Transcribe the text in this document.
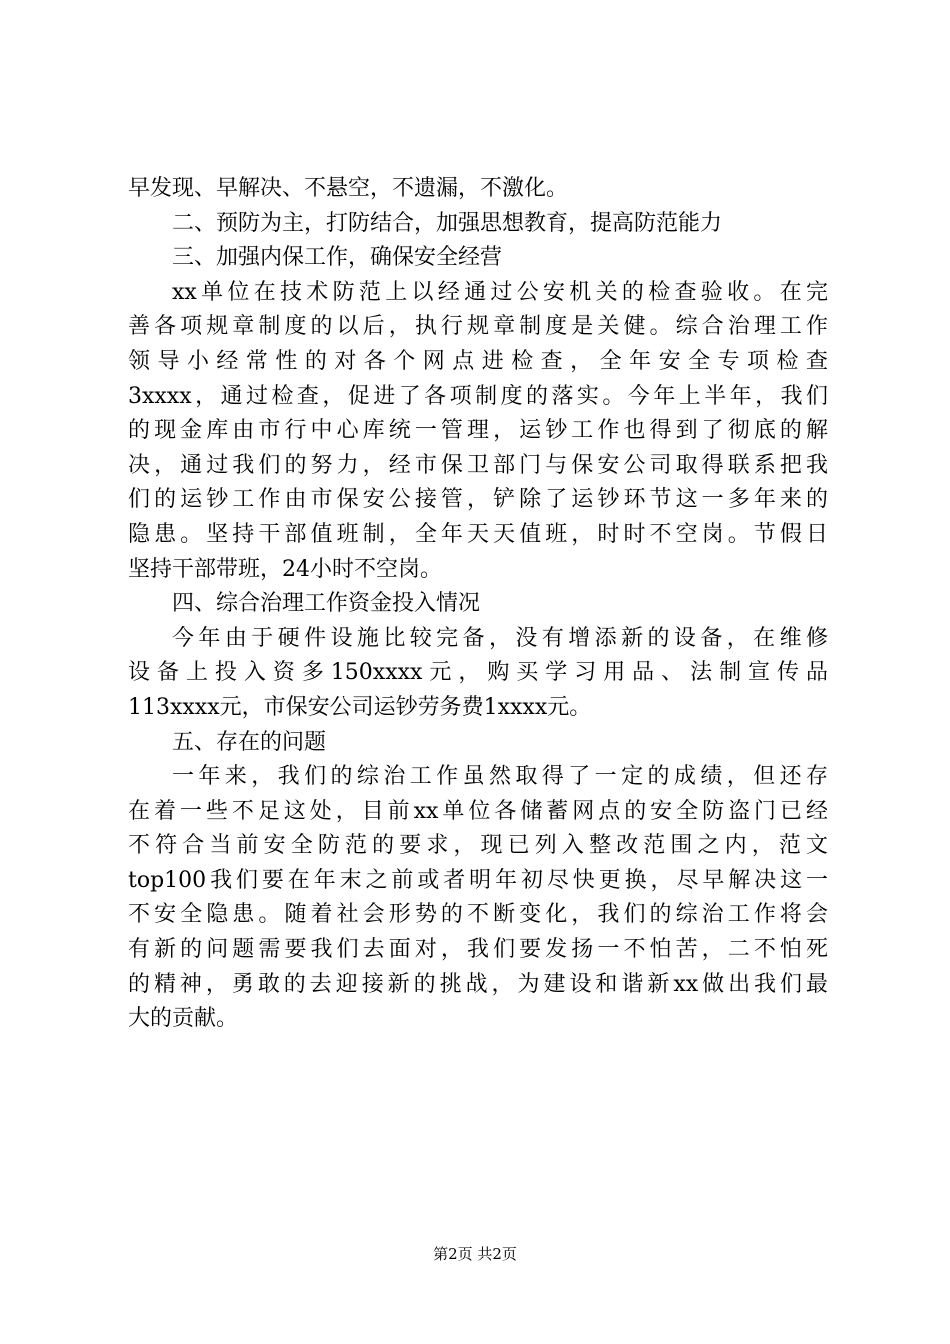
早发现、早解决、不悬空，不遗漏，不激化。
二、预防为主，打防结合，加强思想教育，提高防范能力
三、加强内保工作，确保安全经营
xx单位在技术防范上以经通过公安机关的检查验收。在完
善各项规章制度的以后，执行规章制度是关健。综合治理工作
领导小经常性的对各个网点进检查，全年安全专项检查
3xxxx，通过检查，促进了各项制度的落实。今年上半年，我们
的现金库由市行中心库统一管理，运钞工作也得到了彻底的解
决，通过我们的努力，经市保卫部门与保安公司取得联系把我
们的运钞工作由市保安公接管，铲除了运钞环节这一多年来的
隐患。坚持干部值班制，全年天天值班，时时不空岗。节假日
坚持干部带班，24小时不空岗。
四、综合治理工作资金投入情况
今年由于硬件设施比较完备，没有增添新的设备，在维修
设备上投入资多150xxxx元，购买学习用品、法制宣传品
113xxxx元，市保安公司运钞劳务费1xxxx元。
五、存在的问题
一年来，我们的综治工作虽然取得了一定的成绩，但还存
在着一些不足这处，目前xx单位各储蓄网点的安全防盗门已经
不符合当前安全防范的要求，现已列入整改范围之内，范文
top100我们要在年末之前或者明年初尽快更换，尽早解决这一
不安全隐患。随着社会形势的不断变化，我们的综治工作将会
有新的问题需要我们去面对，我们要发扬一不怕苦，二不怕死
的精神，勇敢的去迎接新的挑战，为建设和谐新xx做出我们最
大的贡献。
第2页 共2页
